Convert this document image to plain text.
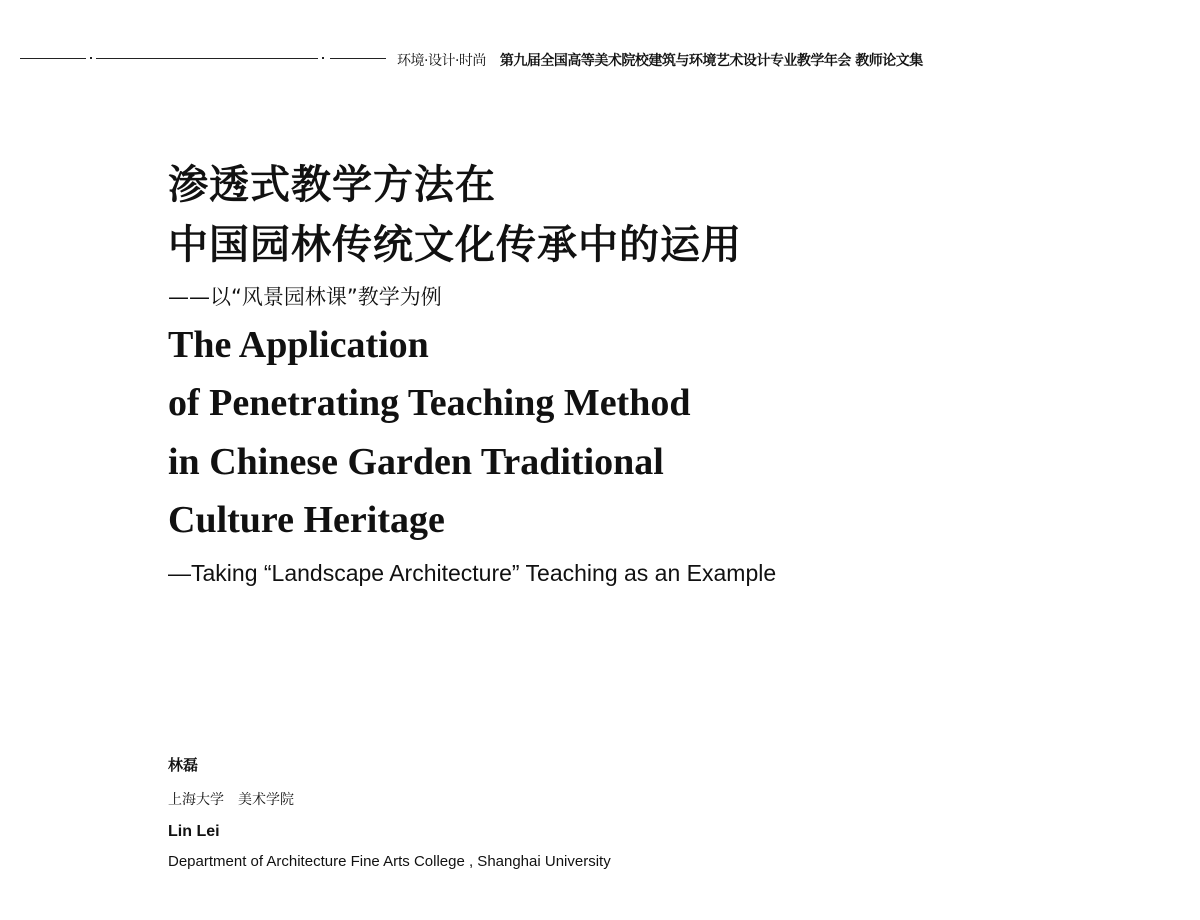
环境·设计·时尚 第九届全国高等美术院校建筑与环境艺术设计专业教学年会 教师论文集
渗透式教学方法在
中国园林传统文化传承中的运用
——以“风景园林课”教学为例
The Application
of Penetrating Teaching Method
in Chinese Garden Traditional
Culture Heritage
—Taking “Landscape Architecture” Teaching as an Example
林磊
上海大学　美术学院
Lin Lei
Department of Architecture Fine Arts College , Shanghai University
